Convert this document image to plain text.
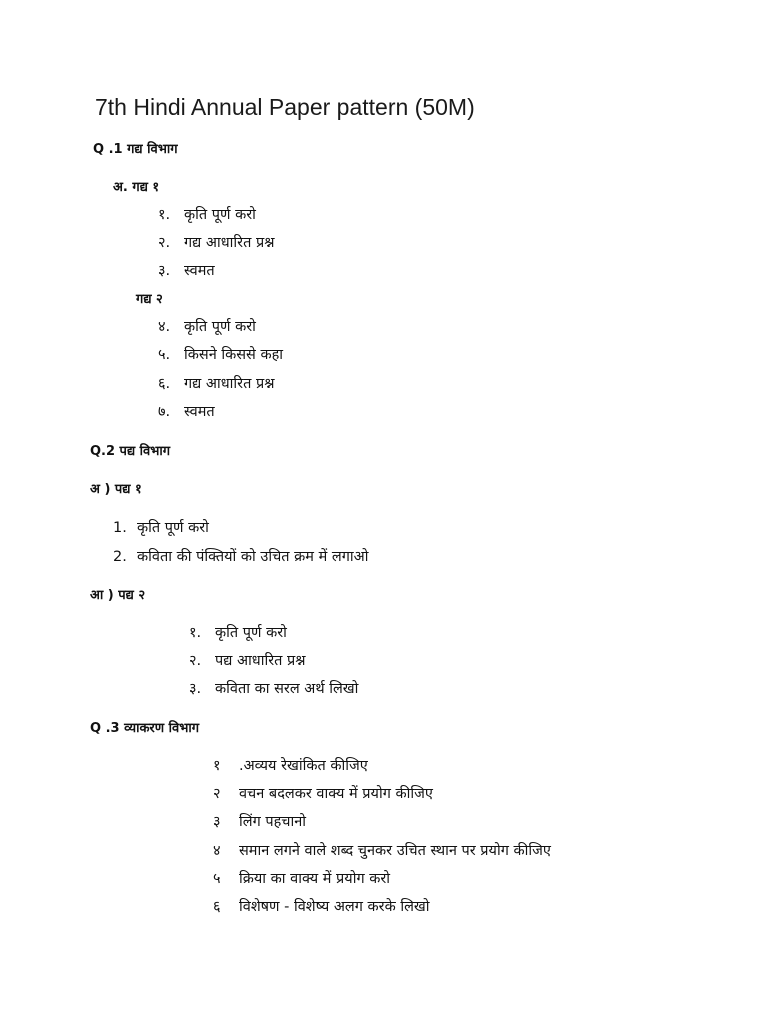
7th Hindi Annual Paper pattern (50M)
Q .1 गद्य विभाग
अ. गद्य १
१. कृति पूर्ण करो
२. गद्य आधारित प्रश्न
३. स्वमत
गद्य २
४. कृति पूर्ण करो
५. किसने किससे कहा
६. गद्य आधारित प्रश्न
७. स्वमत
Q.2 पद्य विभाग
अ ) पद्य १
1. कृति पूर्ण करो
2. कविता की पंक्तियों को उचित क्रम में लगाओ
आ ) पद्य २
१. कृति पूर्ण करो
२. पद्य आधारित प्रश्न
३. कविता का सरल अर्थ लिखो
Q .3 व्याकरण विभाग
१ .अव्यय रेखांकित कीजिए
२ वचन बदलकर वाक्य में प्रयोग कीजिए
३ लिंग पहचानो
४ समान लगने वाले शब्द चुनकर उचित स्थान पर प्रयोग कीजिए
५ क्रिया का वाक्य में प्रयोग करो
६ विशेषण - विशेष्य अलग करके लिखो
